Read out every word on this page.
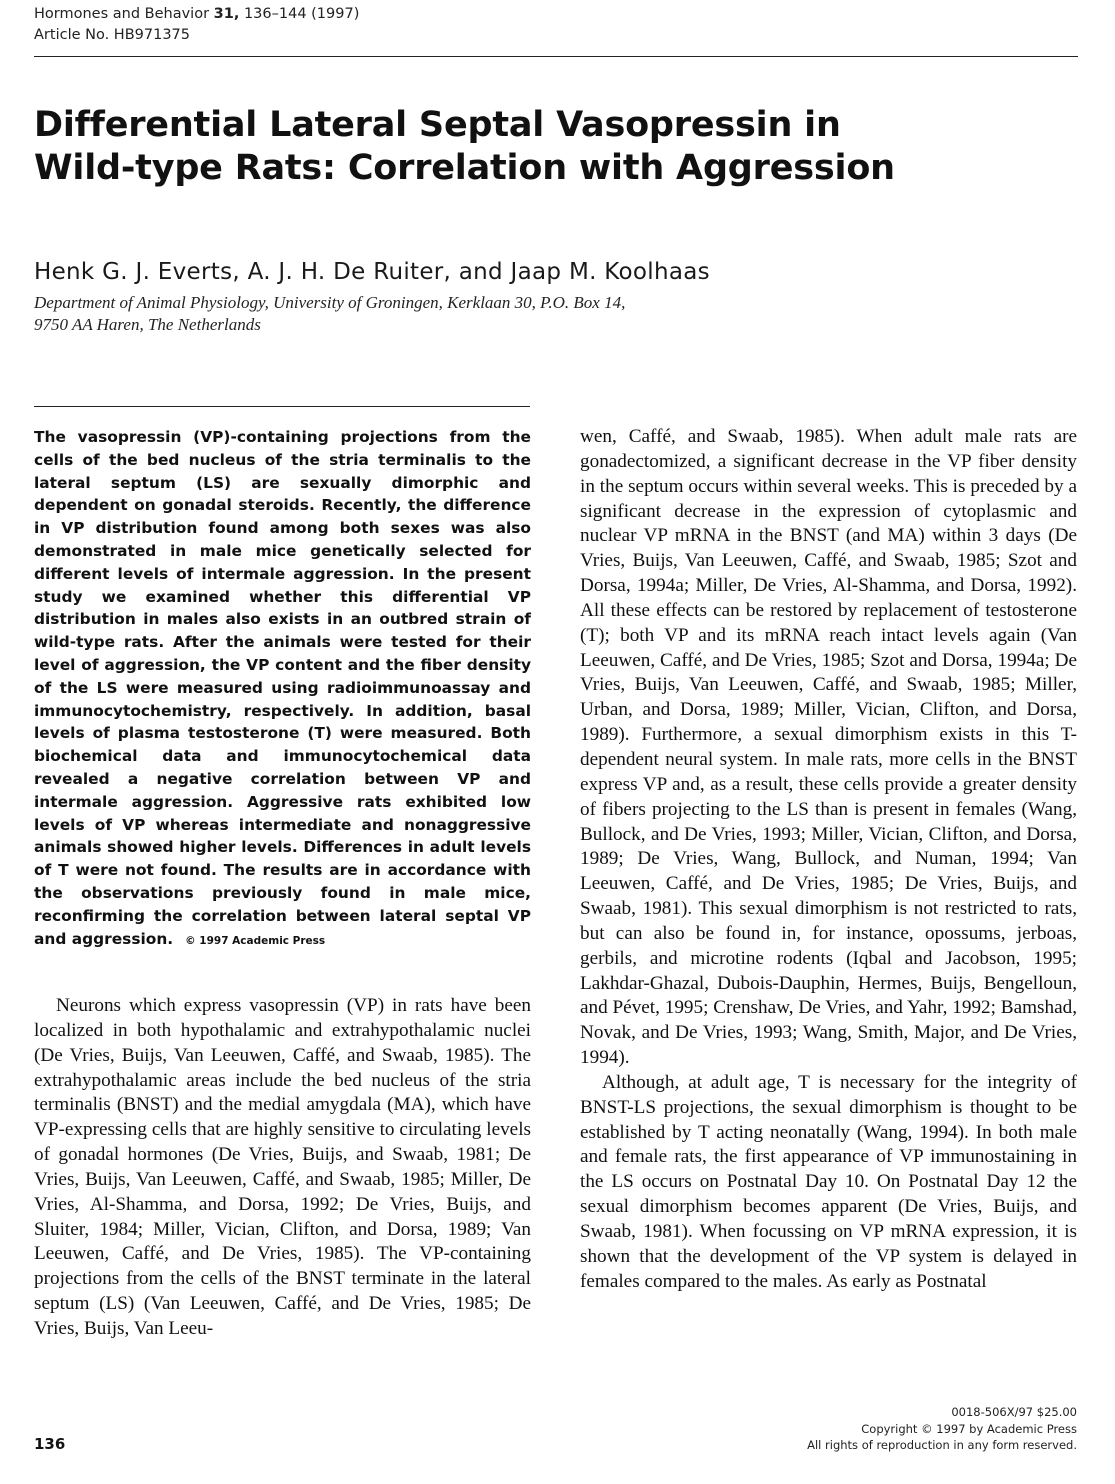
Hormones and Behavior 31, 136–144 (1997)
Article No. HB971375
Differential Lateral Septal Vasopressin in
Wild-type Rats: Correlation with Aggression
Henk G. J. Everts, A. J. H. De Ruiter, and Jaap M. Koolhaas
Department of Animal Physiology, University of Groningen, Kerklaan 30, P.O. Box 14,
9750 AA Haren, The Netherlands

The vasopressin (VP)-containing projections from the cells of the bed nucleus of the stria terminalis to the lateral septum (LS) are sexually dimorphic and dependent on gonadal steroids. Recently, the difference in VP distribution found among both sexes was also demonstrated in male mice genetically selected for different levels of intermale aggression. In the present study we examined whether this differential VP distribution in males also exists in an outbred strain of wild-type rats. After the animals were tested for their level of aggression, the VP content and the fiber density of the LS were measured using radioimmunoassay and immunocytochemistry, respectively. In addition, basal levels of plasma testosterone (T) were measured. Both biochemical data and immunocytochemical data revealed a negative correlation between VP and intermale aggression. Aggressive rats exhibited low levels of VP whereas intermediate and nonaggressive animals showed higher levels. Differences in adult levels of T were not found. The results are in accordance with the observations previously found in male mice, reconfirming the correlation between lateral septal VP and aggression. © 1997 Academic Press

Neurons which express vasopressin (VP) in rats have been localized in both hypothalamic and extrahypothalamic nuclei (De Vries, Buijs, Van Leeuwen, Caffé, and Swaab, 1985). The extrahypothalamic areas include the bed nucleus of the stria terminalis (BNST) and the medial amygdala (MA), which have VP-expressing cells that are highly sensitive to circulating levels of gonadal hormones (De Vries, Buijs, and Swaab, 1981; De Vries, Buijs, Van Leeuwen, Caffé, and Swaab, 1985; Miller, De Vries, Al-Shamma, and Dorsa, 1992; De Vries, Buijs, and Sluiter, 1984; Miller, Vician, Clifton, and Dorsa, 1989; Van Leeuwen, Caffé, and De Vries, 1985). The VP-containing projections from the cells of the BNST terminate in the lateral septum (LS) (Van Leeuwen, Caffé, and De Vries, 1985; De Vries, Buijs, Van Leeu-
wen, Caffé, and Swaab, 1985). When adult male rats are gonadectomized, a significant decrease in the VP fiber density in the septum occurs within several weeks. This is preceded by a significant decrease in the expression of cytoplasmic and nuclear VP mRNA in the BNST (and MA) within 3 days (De Vries, Buijs, Van Leeuwen, Caffé, and Swaab, 1985; Szot and Dorsa, 1994a; Miller, De Vries, Al-Shamma, and Dorsa, 1992). All these effects can be restored by replacement of testosterone (T); both VP and its mRNA reach intact levels again (Van Leeuwen, Caffé, and De Vries, 1985; Szot and Dorsa, 1994a; De Vries, Buijs, Van Leeuwen, Caffé, and Swaab, 1985; Miller, Urban, and Dorsa, 1989; Miller, Vician, Clifton, and Dorsa, 1989). Furthermore, a sexual dimorphism exists in this T-dependent neural system. In male rats, more cells in the BNST express VP and, as a result, these cells provide a greater density of fibers projecting to the LS than is present in females (Wang, Bullock, and De Vries, 1993; Miller, Vician, Clifton, and Dorsa, 1989; De Vries, Wang, Bullock, and Numan, 1994; Van Leeuwen, Caffé, and De Vries, 1985; De Vries, Buijs, and Swaab, 1981). This sexual dimorphism is not restricted to rats, but can also be found in, for instance, opossums, jerboas, gerbils, and microtine rodents (Iqbal and Jacobson, 1995; Lakhdar-Ghazal, Dubois-Dauphin, Hermes, Buijs, Bengelloun, and Pévet, 1995; Crenshaw, De Vries, and Yahr, 1992; Bamshad, Novak, and De Vries, 1993; Wang, Smith, Major, and De Vries, 1994).
Although, at adult age, T is necessary for the integrity of BNST-LS projections, the sexual dimorphism is thought to be established by T acting neonatally (Wang, 1994). In both male and female rats, the first appearance of VP immunostaining in the LS occurs on Postnatal Day 10. On Postnatal Day 12 the sexual dimorphism becomes apparent (De Vries, Buijs, and Swaab, 1981). When focussing on VP mRNA expression, it is shown that the development of the VP system is delayed in females compared to the males. As early as Postnatal
136
0018-506X/97 $25.00
Copyright © 1997 by Academic Press
All rights of reproduction in any form reserved.
